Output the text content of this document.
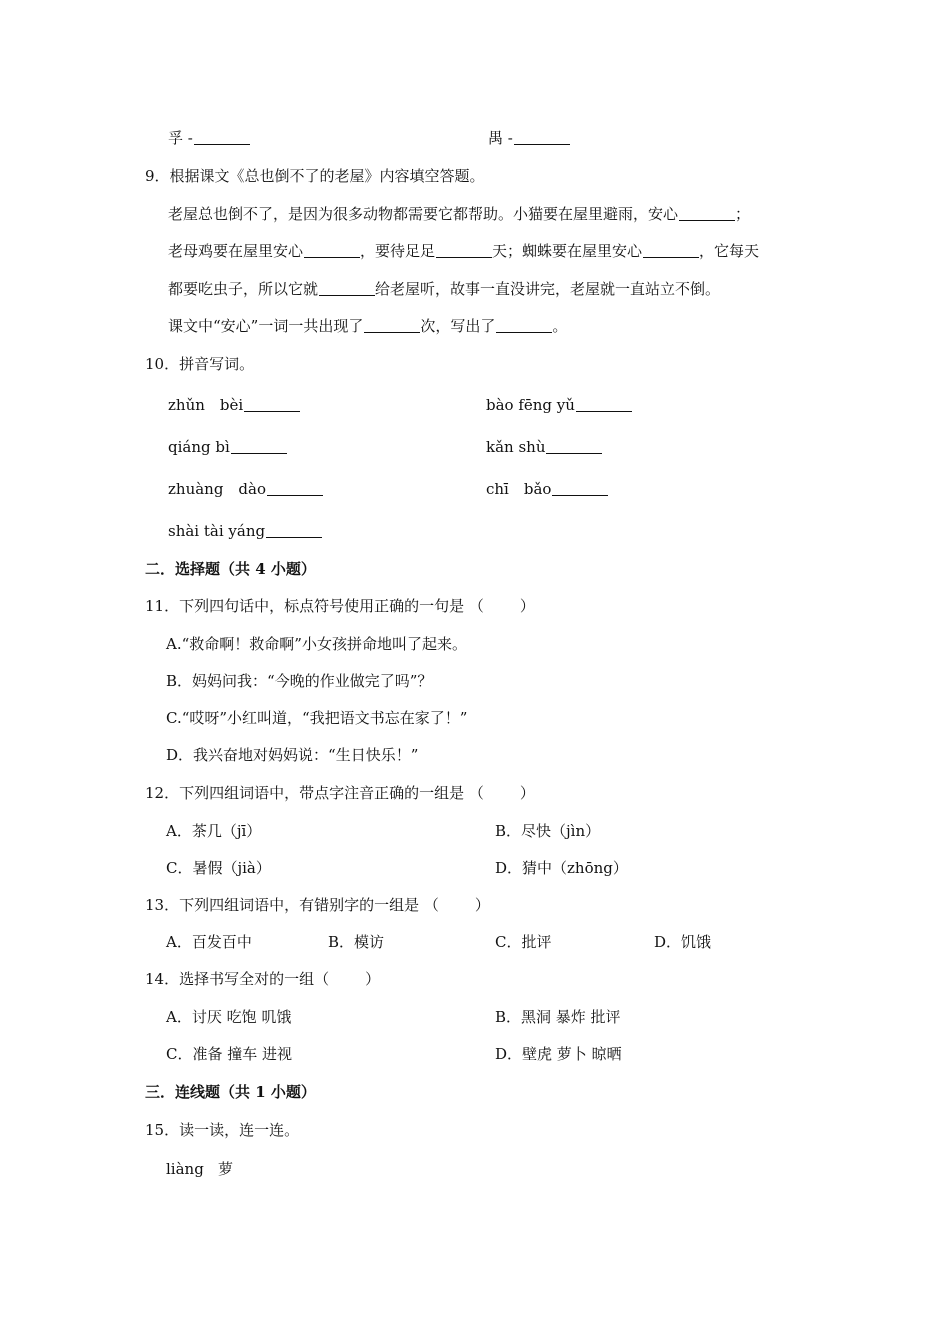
孚 -	禺 -
9．根据课文《总也倒不了的老屋》内容填空答题。
老屋总也倒不了，是因为很多动物都需要它都帮助。小猫要在屋里避雨，安心	；
老母鸡要在屋里安心	，要待足足	天；蜘蛛要在屋里安心	，它每天
都要吃虫子，所以它就	给老屋听，故事一直没讲完，老屋就一直站立不倒。
课文中“安心”一词一共出现了	次，写出了	。
10．拼音写词。
zhǔn　bèi	bào fēng yǔ
qiáng bì	kǎn shù
zhuàng　dào	chī　bǎo
shài tài yáng
二．选择题（共 4 小题）
11．下列四句话中，标点符号使用正确的一句是 （ ）
A.“救命啊！救命啊”小女孩拼命地叫了起来。
B．妈妈问我：“今晚的作业做完了吗”？
C.“哎呀”小红叫道，“我把语文书忘在家了！”
D．我兴奋地对妈妈说：“生日快乐！”
12．下列四组词语中，带点字注音正确的一组是 （ ）
A．茶几（jī）	B．尽快（jìn）
C．暑假（jià）	D．猜中（zhōng）
13．下列四组词语中，有错别字的一组是 （ ）
A．百发百中	B．模访	C．批评	D．饥饿
14．选择书写全对的一组（ ）
A．讨厌 吃饱 叽饿	B．黑洞 暴炸 批评
C．准备 撞车 进视	D．壁虎 萝卜 晾晒
三．连线题（共 1 小题）
15．读一读，连一连。
liàng 萝
